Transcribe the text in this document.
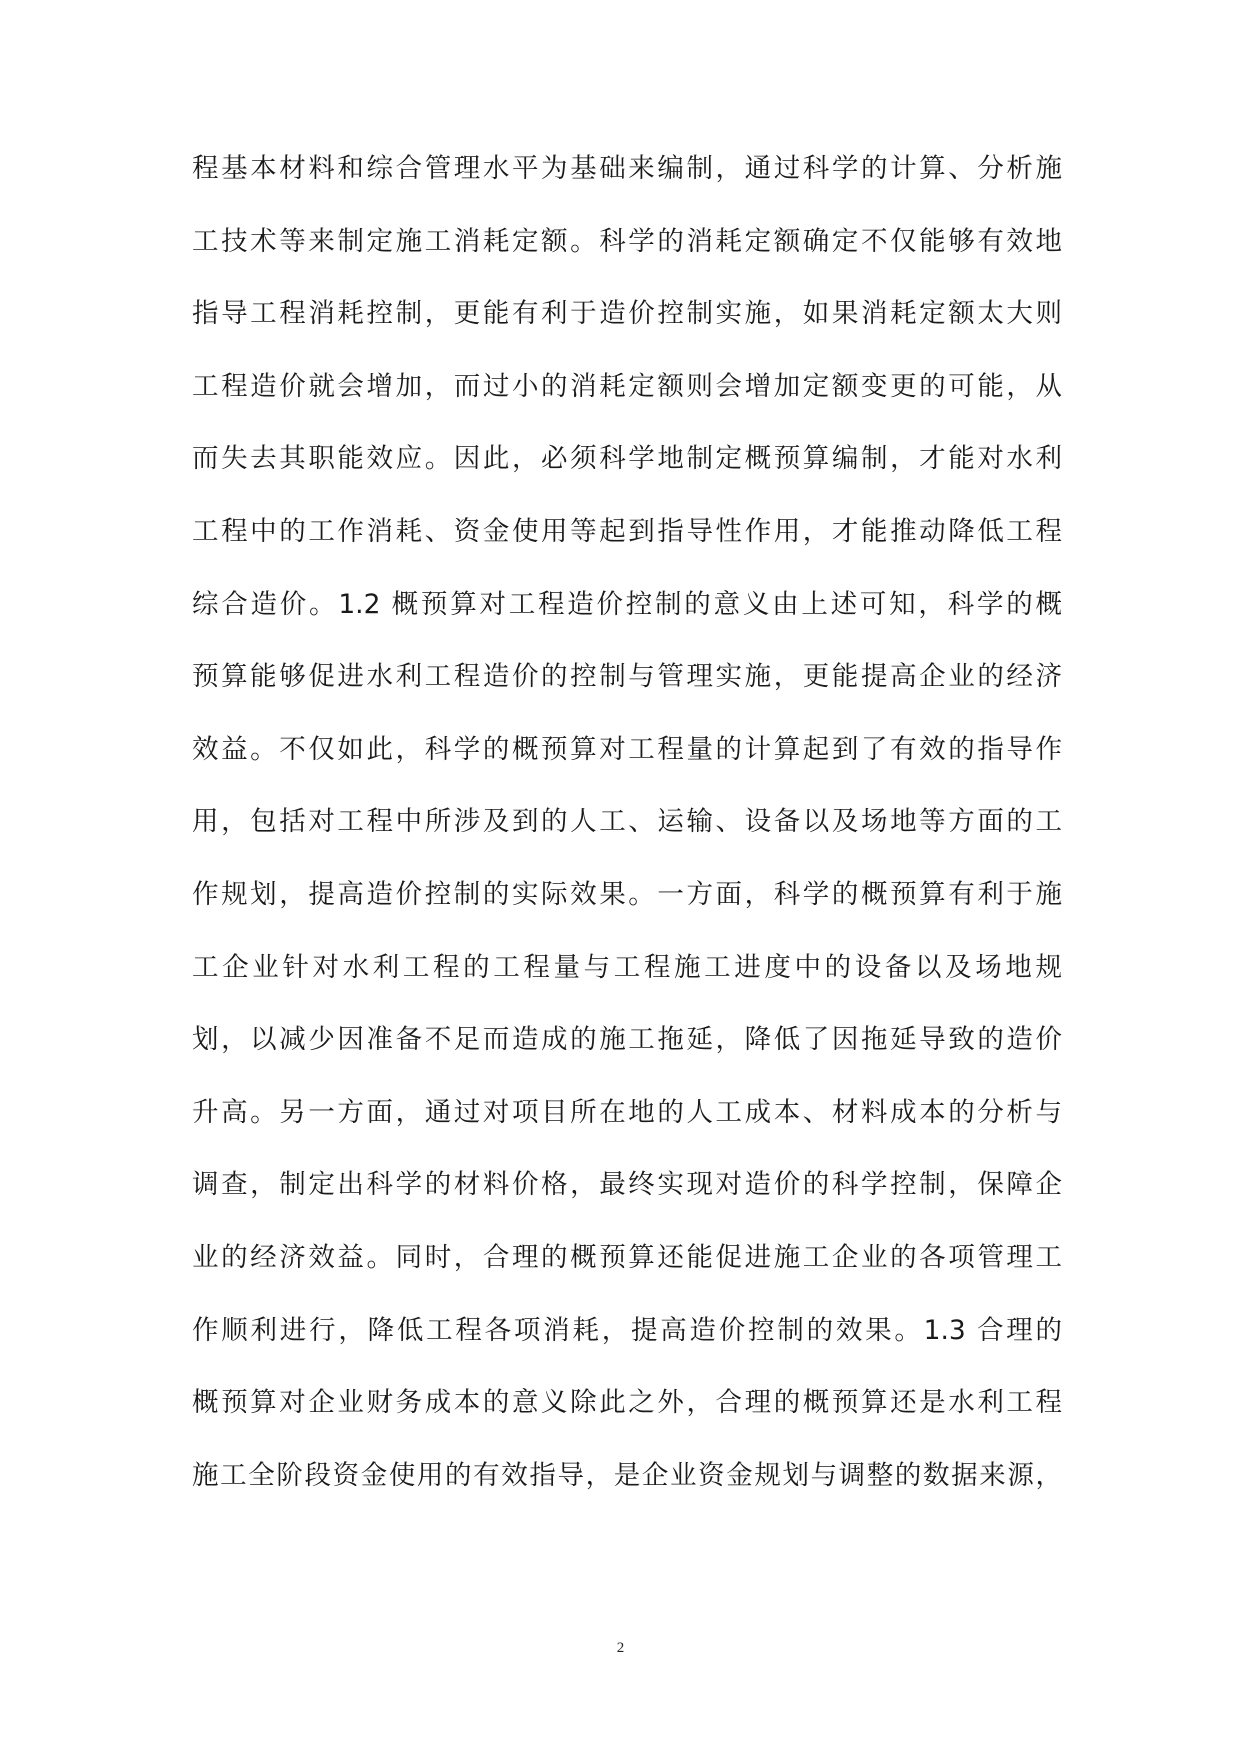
程基本材料和综合管理水平为基础来编制，通过科学的计算、分析施
工技术等来制定施工消耗定额。科学的消耗定额确定不仅能够有效地
指导工程消耗控制，更能有利于造价控制实施，如果消耗定额太大则
工程造价就会增加，而过小的消耗定额则会增加定额变更的可能，从
而失去其职能效应。因此，必须科学地制定概预算编制，才能对水利
工程中的工作消耗、资金使用等起到指导性作用，才能推动降低工程
综合造价。1.2 概预算对工程造价控制的意义由上述可知，科学的概
预算能够促进水利工程造价的控制与管理实施，更能提高企业的经济
效益。不仅如此，科学的概预算对工程量的计算起到了有效的指导作
用，包括对工程中所涉及到的人工、运输、设备以及场地等方面的工
作规划，提高造价控制的实际效果。一方面，科学的概预算有利于施
工企业针对水利工程的工程量与工程施工进度中的设备以及场地规
划，以减少因准备不足而造成的施工拖延，降低了因拖延导致的造价
升高。另一方面，通过对项目所在地的人工成本、材料成本的分析与
调查，制定出科学的材料价格，最终实现对造价的科学控制，保障企
业的经济效益。同时，合理的概预算还能促进施工企业的各项管理工
作顺利进行，降低工程各项消耗，提高造价控制的效果。1.3 合理的
概预算对企业财务成本的意义除此之外，合理的概预算还是水利工程
施工全阶段资金使用的有效指导，是企业资金规划与调整的数据来源，
2
